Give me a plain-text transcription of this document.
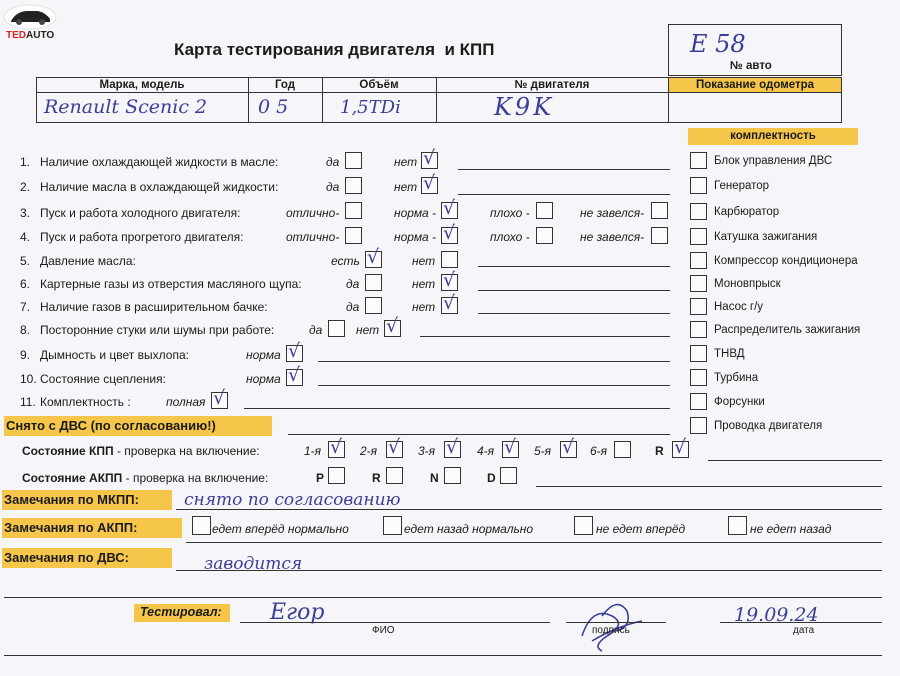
TEDAUTO
Карта тестирования двигателя  и КПП	E 58
№ авто
Марка, модель	Год	Объём	№ двигателя	Показание одометра
Renault Scenic 2	05	1,5TDi	K9K
комплектность
Блок управления ДВС
Генератор
Карбюратор
Катушка зажигания
Компрессор кондиционера
Моновпрыск
Насос г/у
Распределитель зажигания
ТНВД
Турбина
Форсунки
Проводка двигателя
1. Наличие охлаждающей жидкости в масле:	да	нет √
2. Наличие масла в охлаждающей жидкости:	да	нет √
3. Пуск и работа холодного двигателя:	отлично-	норма - √	плохо -	не завелся-
4. Пуск и работа прогретого двигателя:	отлично-	норма - √	плохо -	не завелся-
5. Давление масла:	есть √	нет
6. Картерные газы из отверстия масляного щупа:	да	нет √
7. Наличие газов в расширительном бачке:	да	нет √
8. Посторонние стуки или шумы при работе:	да	нет √
9. Дымность и цвет выхлопа:	норма √
10. Состояние сцепления:	норма √
11. Комплектность :	полная √
Снято с ДВС (по согласованию!)
Состояние КПП - проверка на включение:	1-я √ 2-я √ 3-я √ 4-я √ 5-я √ 6-я	R √
Состояние АКПП - проверка на включение:	P	R	N	D
Замечания по МКПП:	снято по согласованию
Замечания по АКПП:	едет вперёд нормально	едет назад нормально	не едет вперёд	не едет назад
Замечания по ДВС:	заводится
Тестировал: Егор
ФИО	подпись
19.09.24
дата
